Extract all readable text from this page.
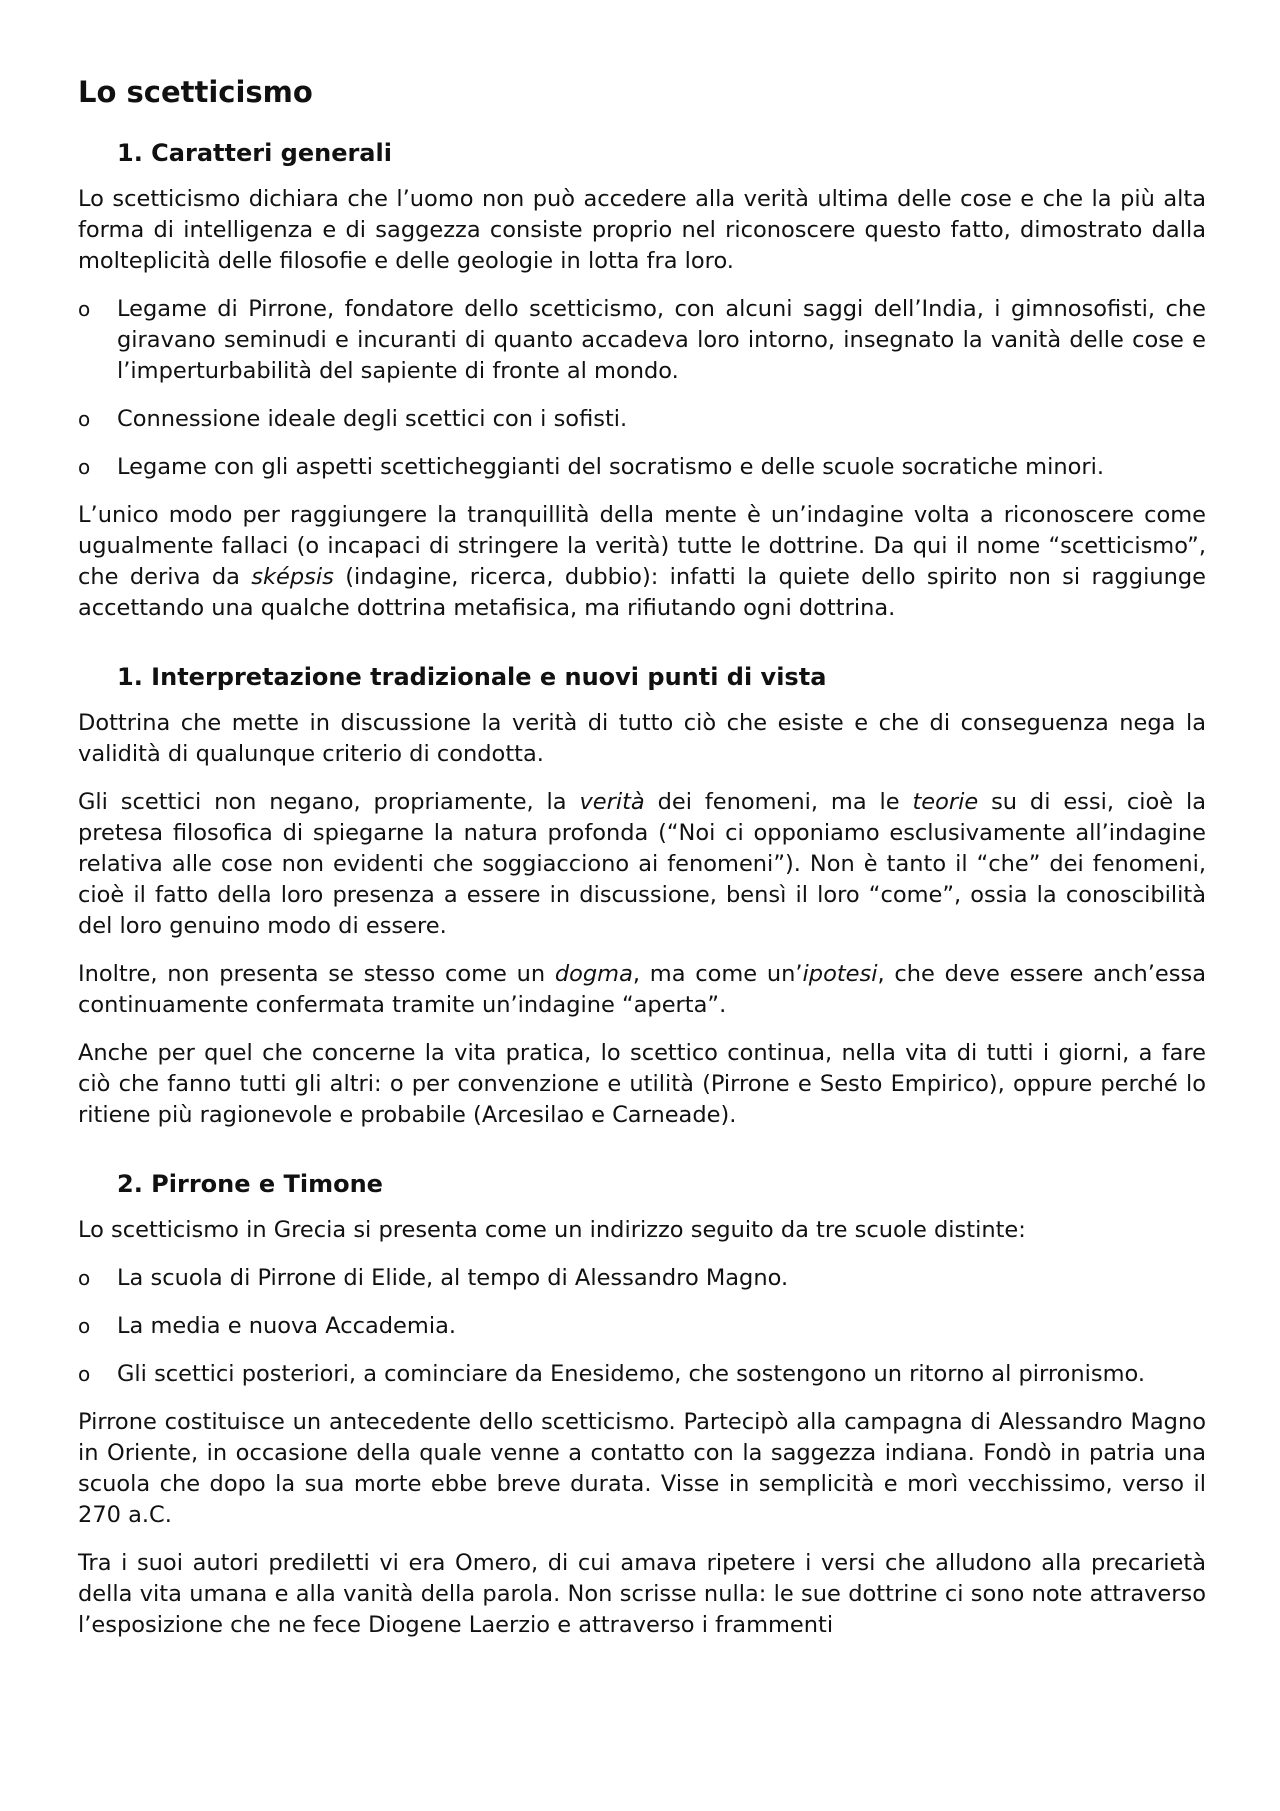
Lo scetticismo
1. Caratteri generali

Lo scetticismo dichiara che l’uomo non può accedere alla verità ultima delle cose e che la più alta forma di intelligenza e di saggezza consiste proprio nel riconoscere questo fatto, dimostrato dalla molteplicità delle filosofie e delle geologie in lotta fra loro.

o Legame di Pirrone, fondatore dello scetticismo, con alcuni saggi dell’India, i gimnosofisti, che giravano seminudi e incuranti di quanto accadeva loro intorno, insegnato la vanità delle cose e l’imperturbabilità del sapiente di fronte al mondo.
o Connessione ideale degli scettici con i sofisti.
o Legame con gli aspetti scetticheggianti del socratismo e delle scuole socratiche minori.

L’unico modo per raggiungere la tranquillità della mente è un’indagine volta a riconoscere come ugualmente fallaci (o incapaci di stringere la verità) tutte le dottrine. Da qui il nome “scetticismo”, che deriva da sképsis (indagine, ricerca, dubbio): infatti la quiete dello spirito non si raggiunge accettando una qualche dottrina metafisica, ma rifiutando ogni dottrina.

1. Interpretazione tradizionale e nuovi punti di vista

Dottrina che mette in discussione la verità di tutto ciò che esiste e che di conseguenza nega la validità di qualunque criterio di condotta.

Gli scettici non negano, propriamente, la verità dei fenomeni, ma le teorie su di essi, cioè la pretesa filosofica di spiegarne la natura profonda (“Noi ci opponiamo esclusivamente all’indagine relativa alle cose non evidenti che soggiacciono ai fenomeni”). Non è tanto il “che” dei fenomeni, cioè il fatto della loro presenza a essere in discussione, bensì il loro “come”, ossia la conoscibilità del loro genuino modo di essere.

Inoltre, non presenta se stesso come un dogma, ma come un’ipotesi, che deve essere anch’essa continuamente confermata tramite un’indagine “aperta”.

Anche per quel che concerne la vita pratica, lo scettico continua, nella vita di tutti i giorni, a fare ciò che fanno tutti gli altri: o per convenzione e utilità (Pirrone e Sesto Empirico), oppure perché lo ritiene più ragionevole e probabile (Arcesilao e Carneade).

2. Pirrone e Timone

Lo scetticismo in Grecia si presenta come un indirizzo seguito da tre scuole distinte:

o La scuola di Pirrone di Elide, al tempo di Alessandro Magno.
o La media e nuova Accademia.
o Gli scettici posteriori, a cominciare da Enesidemo, che sostengono un ritorno al pirronismo.

Pirrone costituisce un antecedente dello scetticismo. Partecipò alla campagna di Alessandro Magno in Oriente, in occasione della quale venne a contatto con la saggezza indiana. Fondò in patria una scuola che dopo la sua morte ebbe breve durata. Visse in semplicità e morì vecchissimo, verso il 270 a.C.

Tra i suoi autori prediletti vi era Omero, di cui amava ripetere i versi che alludono alla precarietà della vita umana e alla vanità della parola. Non scrisse nulla: le sue dottrine ci sono note attraverso l’esposizione che ne fece Diogene Laerzio e attraverso i frammenti
